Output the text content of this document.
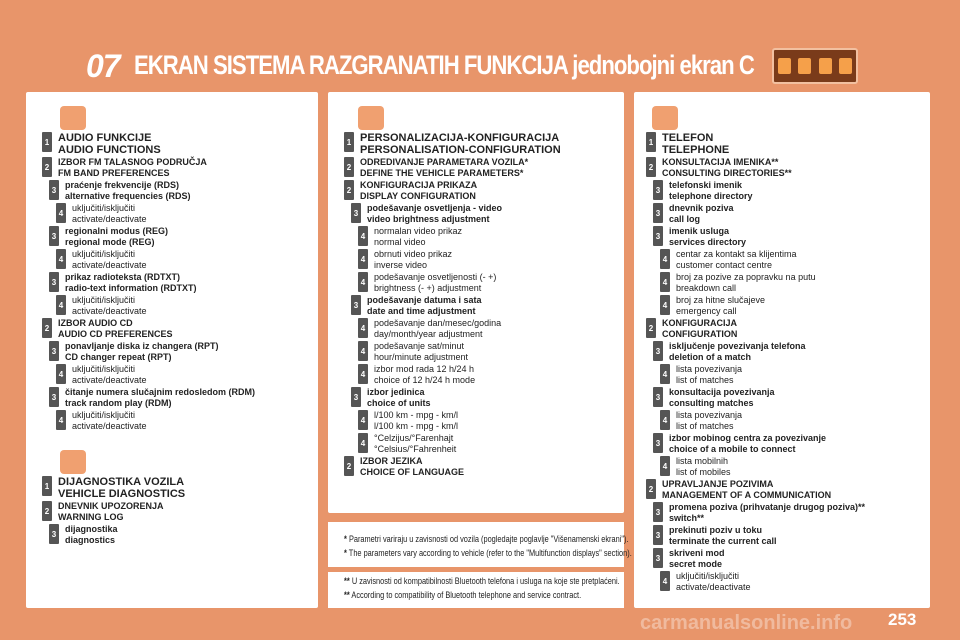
07 EKRAN SISTEMA RAZGRANATIH FUNKCIJA jednobojni ekran C
1 AUDIO FUNKCIJE
AUDIO FUNCTIONS
2 IZBOR FM TALASNOG PODRUČJA
FM BAND PREFERENCES
3 praćenje frekvencije (RDS)
alternative frequencies (RDS)
4 uključiti/isključiti
activate/deactivate
3 regionalni modus (REG)
regional mode (REG)
4 uključiti/isključiti
activate/deactivate
3 prikaz radioteksta (RDTXT)
radio-text information (RDTXT)
4 uključiti/isključiti
activate/deactivate
2 IZBOR AUDIO CD
AUDIO CD PREFERENCES
3 ponavljanje diska iz changera (RPT)
CD changer repeat (RPT)
4 uključiti/isključiti
activate/deactivate
3 čitanje numera slučajnim redosledom (RDM)
track random play (RDM)
4 uključiti/isključiti
activate/deactivate
1 DIJAGNOSTIKA VOZILA
VEHICLE DIAGNOSTICS
2 DNEVNIK UPOZORENJA
WARNING LOG
3 dijagnostika
diagnostics
1 PERSONALIZACIJA-KONFIGURACIJA
PERSONALISATION-CONFIGURATION
2 ODREDIVANJE PARAMETARA VOZILA*
DEFINE THE VEHICLE PARAMETERS*
2 KONFIGURACIJA PRIKAZA
DISPLAY CONFIGURATION
3 podešavanje osvetljenja - video
video brightness adjustment
4 normalan video prikaz
normal video
4 obrnuti video prikaz
inverse video
4 podešavanje osvetljenosti (- +)
brightness (- +) adjustment
3 podešavanje datuma i sata
date and time adjustment
4 podešavanje dan/mesec/godina
day/month/year adjustment
4 podešavanje sat/minut
hour/minute adjustment
4 izbor mod rada 12 h/24 h
choice of 12 h/24 h mode
3 izbor jedinica
choice of units
4 l/100 km - mpg - km/l
l/100 km - mpg - km/l
4 °Celzijus/°Farenhajt
°Celsius/°Fahrenheit
2 IZBOR JEZIKA
CHOICE OF LANGUAGE
1 TELEFON
TELEPHONE
2 KONSULTACIJA IMENIKA**
CONSULTING DIRECTORIES**
3 telefonski imenik
telephone directory
3 dnevnik poziva
call log
3 imenik usluga
services directory
4 centar za kontakt sa klijentima
customer contact centre
4 broj za pozive za popravku na putu
breakdown call
4 broj za hitne slučajeve
emergency call
2 KONFIGURACIJA
CONFIGURATION
3 isključenje povezivanja telefona
deletion of a match
4 lista povezivanja
list of matches
3 konsultacija povezivanja
consulting matches
4 lista povezivanja
list of matches
3 izbor mobinog centra za povezivanje
choice of a mobile to connect
4 lista mobilnih
list of mobiles
2 UPRAVLJANJE POZIVIMA
MANAGEMENT OF A COMMUNICATION
3 promena poziva (prihvatanje drugog poziva)**
switch**
3 prekinuti poziv u toku
terminate the current call
3 skriveni mod
secret mode
4 uključiti/isključiti
activate/deactivate
* Parametri variraju u zavisnosti od vozila (pogledajte poglavlje "Višenamenski ekrani").
* The parameters vary according to vehicle (refer to the "Multifunction displays" section).
** U zavisnosti od kompatibilnosti Bluetooth telefona i usluga na koje ste pretplaćeni.
** According to compatibility of Bluetooth telephone and service contract.
carmanualsonline.info 253
